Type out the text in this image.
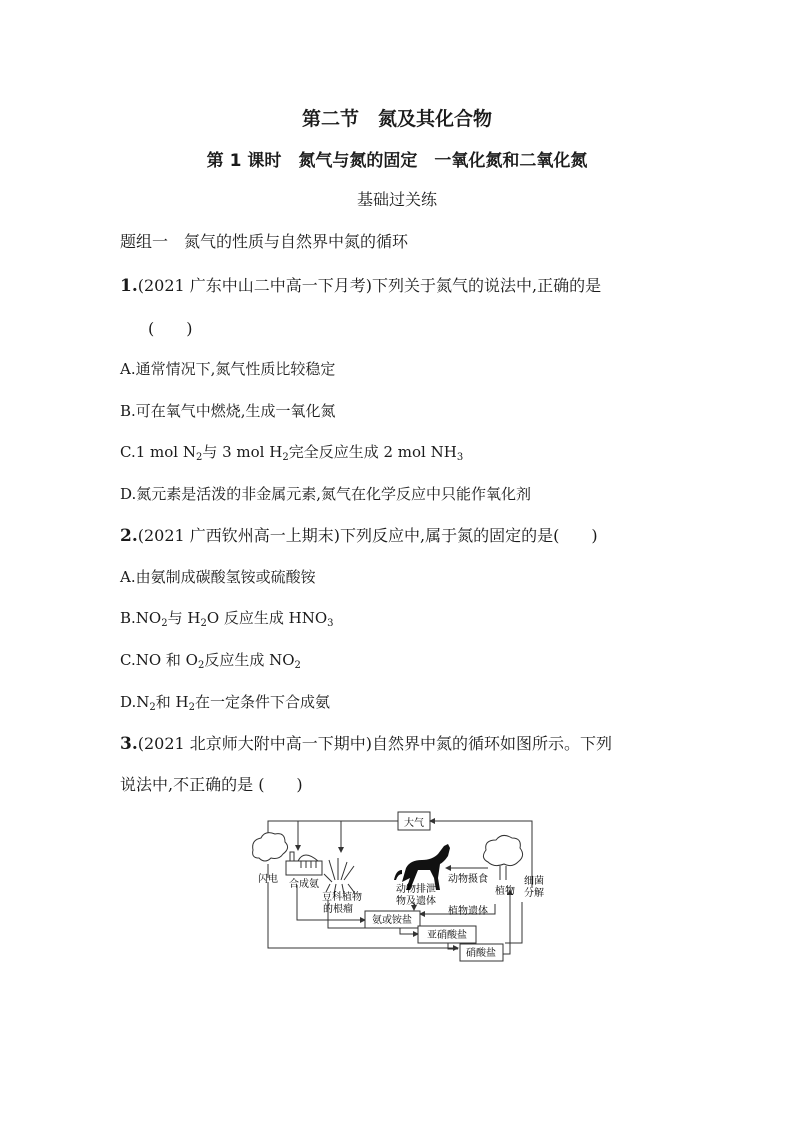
第二节　氮及其化合物
第 1 课时　氮气与氮的固定　一氧化氮和二氧化氮
基础过关练
题组一　氮气的性质与自然界中氮的循环
1.(2021 广东中山二中高一下月考)下列关于氮气的说法中,正确的是
(　　)
A.通常情况下,氮气性质比较稳定
B.可在氧气中燃烧,生成一氧化氮
C.1 mol $N_2$与 3 mol $H_2$完全反应生成 2 mol $NH_3$
D.氮元素是活泼的非金属元素,氮气在化学反应中只能作氧化剂
2.(2021 广西钦州高一上期末)下列反应中,属于氮的固定的是(　　)
A.由氨制成碳酸氢铵或硫酸铵
$B.NO_2$与 $H_2O$ 反应生成 $HNO_3$
C.NO 和 $O_2$反应生成 $NO_2$
$D.N_2$和 $H_2$在一定条件下合成氨
3.(2021 北京师大附中高一下期中)自然界中氮的循环如图所示。下列
说法中,不正确的是 (　　)
大气
闪电 合成氨
豆科植物
的根瘤
动物排泄
物及遗体
动物摄食
植物
细菌
分解
植物遗体
氨或铵盐
亚硝酸盐
硝酸盐
